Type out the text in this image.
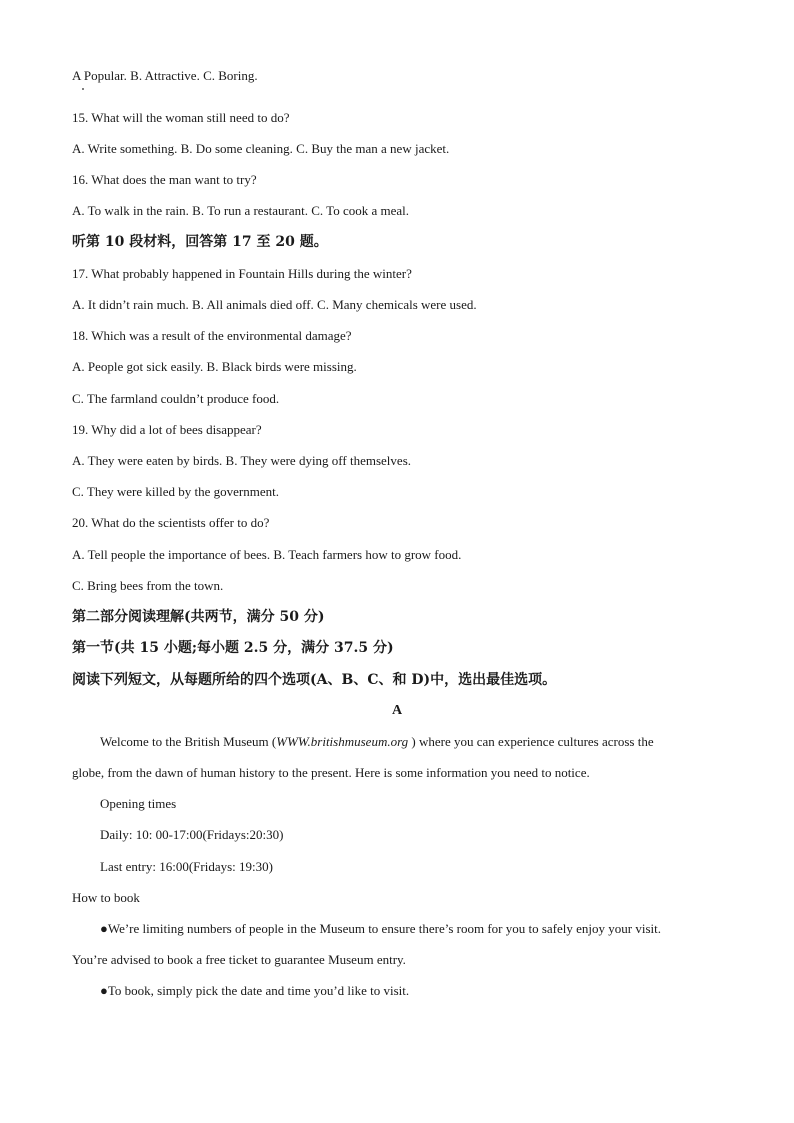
A Popular. B. Attractive. C. Boring.
15. What will the woman still need to do?
A. Write something. B. Do some cleaning. C. Buy the man a new jacket.
16. What does the man want to try?
A. To walk in the rain. B. To run a restaurant. C. To cook a meal.
听第 10 段材料，回答第 17 至 20 题。
17. What probably happened in Fountain Hills during the winter?
A. It didn’t rain much. B. All animals died off. C. Many chemicals were used.
18. Which was a result of the environmental damage?
A. People got sick easily. B. Black birds were missing.
C. The farmland couldn’t produce food.
19. Why did a lot of bees disappear?
A. They were eaten by birds. B. They were dying off themselves.
C. They were killed by the government.
20. What do the scientists offer to do?
A. Tell people the importance of bees. B. Teach farmers how to grow food.
C. Bring bees from the town.
第二部分阅读理解(共两节，满分 50 分)
第一节(共 15 小题;每小题 2.5 分，满分 37.5 分)
阅读下列短文，从每题所给的四个选项(A、B、C、和 D)中，选出最佳选项。
A
Welcome to the British Museum (WWW.britishmuseum.org ) where you can experience cultures across the
globe, from the dawn of human history to the present. Here is some information you need to notice.
Opening times
Daily: 10: 00-17:00(Fridays:20:30)
Last entry: 16:00(Fridays: 19:30)
How to book
●We’re limiting numbers of people in the Museum to ensure there’s room for you to safely enjoy your visit.
You’re advised to book a free ticket to guarantee Museum entry.
●To book, simply pick the date and time you’d like to visit.
